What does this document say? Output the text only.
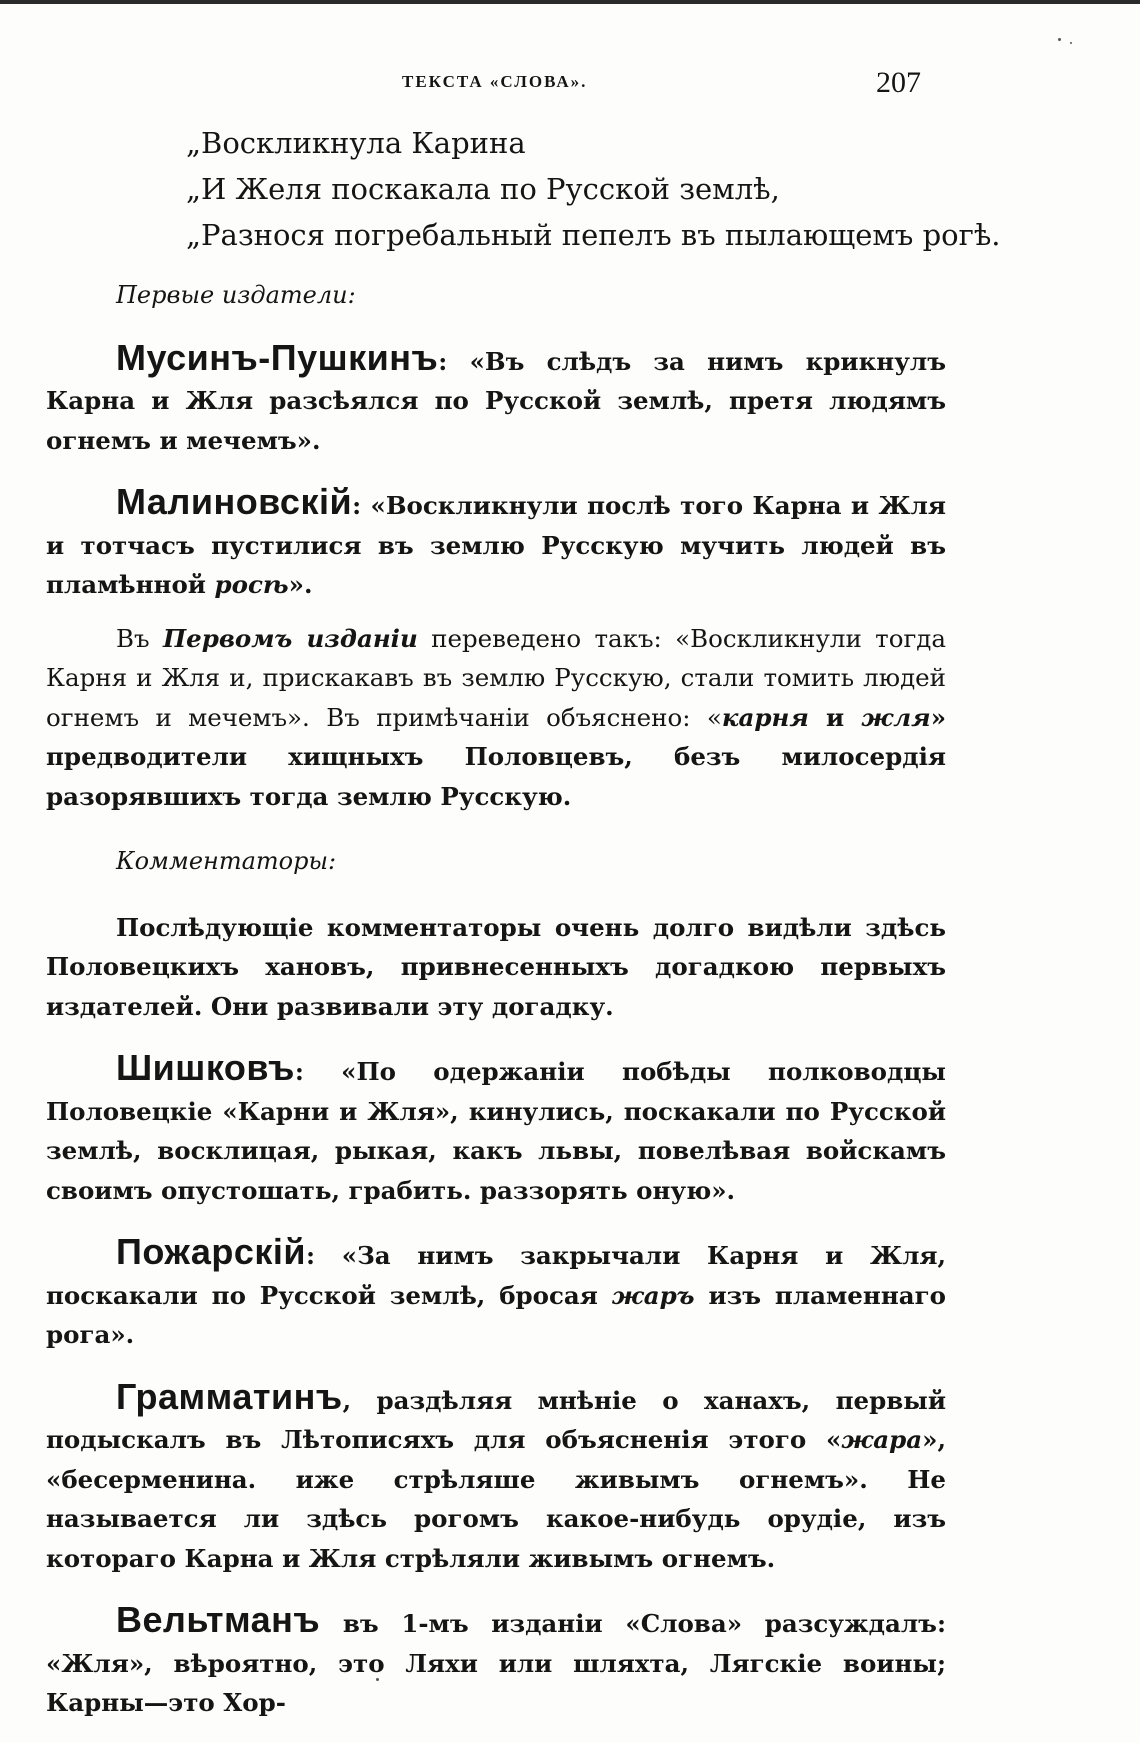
ТЕКСТА «СЛОВА».	207
„Воскликнула Карина
„И Желя поскакала по Русской землѣ,
„Разнося погребальный пепелъ въ пылающемъ рогѣ.
Первые издатели:

Мусинъ-Пушкинъ: «Въ слѣдъ за нимъ крикнулъ Карна и Жля разсѣялся по Русской землѣ, претя людямъ огнемъ и мечемъ».

Малиновскій: «Воскликнули послѣ того Карна и Жля и тотчасъ пустилися въ землю Русскую мучить людей въ пламѣнной росѣ».

Въ Первомъ изданіи переведено такъ: «Воскликнули тогда Карня и Жля и, прискакавъ въ землю Русскую, стали томить людей огнемъ и мечемъ». Въ примѣчаніи объяснено: «карня и жля» предводители хищныхъ Половцевъ, безъ милосердія разорявшихъ тогда землю Русскую.

Комментаторы:

Послѣдующіе комментаторы очень долго видѣли здѣсь Половецкихъ хановъ, привнесенныхъ догадкою первыхъ издателей. Они развивали эту догадку.

Шишковъ: «По одержаніи побѣды полководцы Половецкіе «Карни и Жля», кинулись, поскакали по Русской землѣ, восклицая, рыкая, какъ львы, повелѣвая войскамъ своимъ опустошать, грабить. раззорять оную».

Пожарскій: «За нимъ закрычали Карня и Жля, поскакали по Русской землѣ, бросая жаръ изъ пламеннаго рога».

Грамматинъ, раздѣляя мнѣніе о ханахъ, первый подыскалъ въ Лѣтописяхъ для объясненія этого «жара», «бесерменина. иже стрѣляше живымъ огнемъ». Не называется ли здѣсь рогомъ какое-нибудь орудіе, изъ котораго Карна и Жля стрѣляли живымъ огнемъ.

Вельтманъ въ 1-мъ изданіи «Слова» разсуждалъ: «Жля», вѣроятно, это Ляхи или шляхта, Лягскіе воины; Карны—это Хор-
